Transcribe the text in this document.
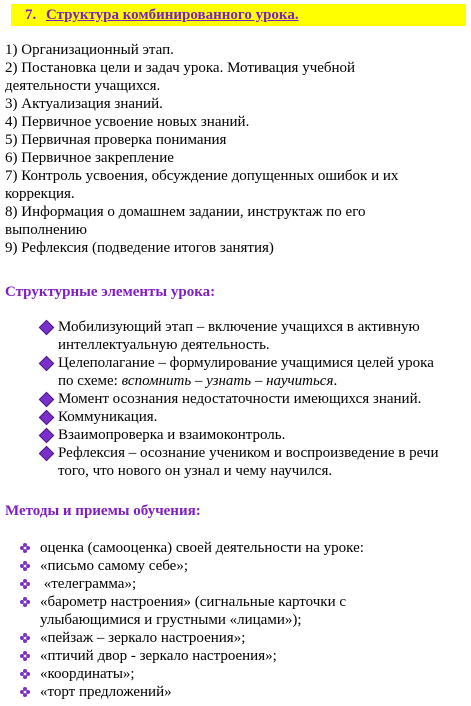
7. Структура комбинированного урока.
1) Организационный этап.
2) Постановка цели и задач урока. Мотивация учебной
деятельности учащихся.
3) Актуализация знаний.
4) Первичное усвоение новых знаний.
5) Первичная проверка понимания
6) Первичное закрепление
7) Контроль усвоения, обсуждение допущенных ошибок и их
коррекция.
8) Информация о домашнем задании, инструктаж по его
выполнению
9) Рефлексия (подведение итогов занятия)
Структурные элементы урока:
Мобилизующий этап – включение учащихся в активную
интеллектуальную деятельность.
Целеполагание – формулирование учащимися целей урока
по схеме: вспомнить – узнать – научиться.
Момент осознания недостаточности имеющихся знаний.
Коммуникация.
Взаимопроверка и взаимоконтроль.
Рефлексия – осознание учеником и воспроизведение в речи
того, что нового он узнал и чему научился.
Методы и приемы обучения:
оценка (самооценка) своей деятельности на уроке:
«письмо самому себе»;
«телеграмма»;
«барометр настроения» (сигнальные карточки с
улыбающимися и грустными «лицами»);
«пейзаж – зеркало настроения»;
«птичий двор - зеркало настроения»;
«координаты»;
«торт предложений»
